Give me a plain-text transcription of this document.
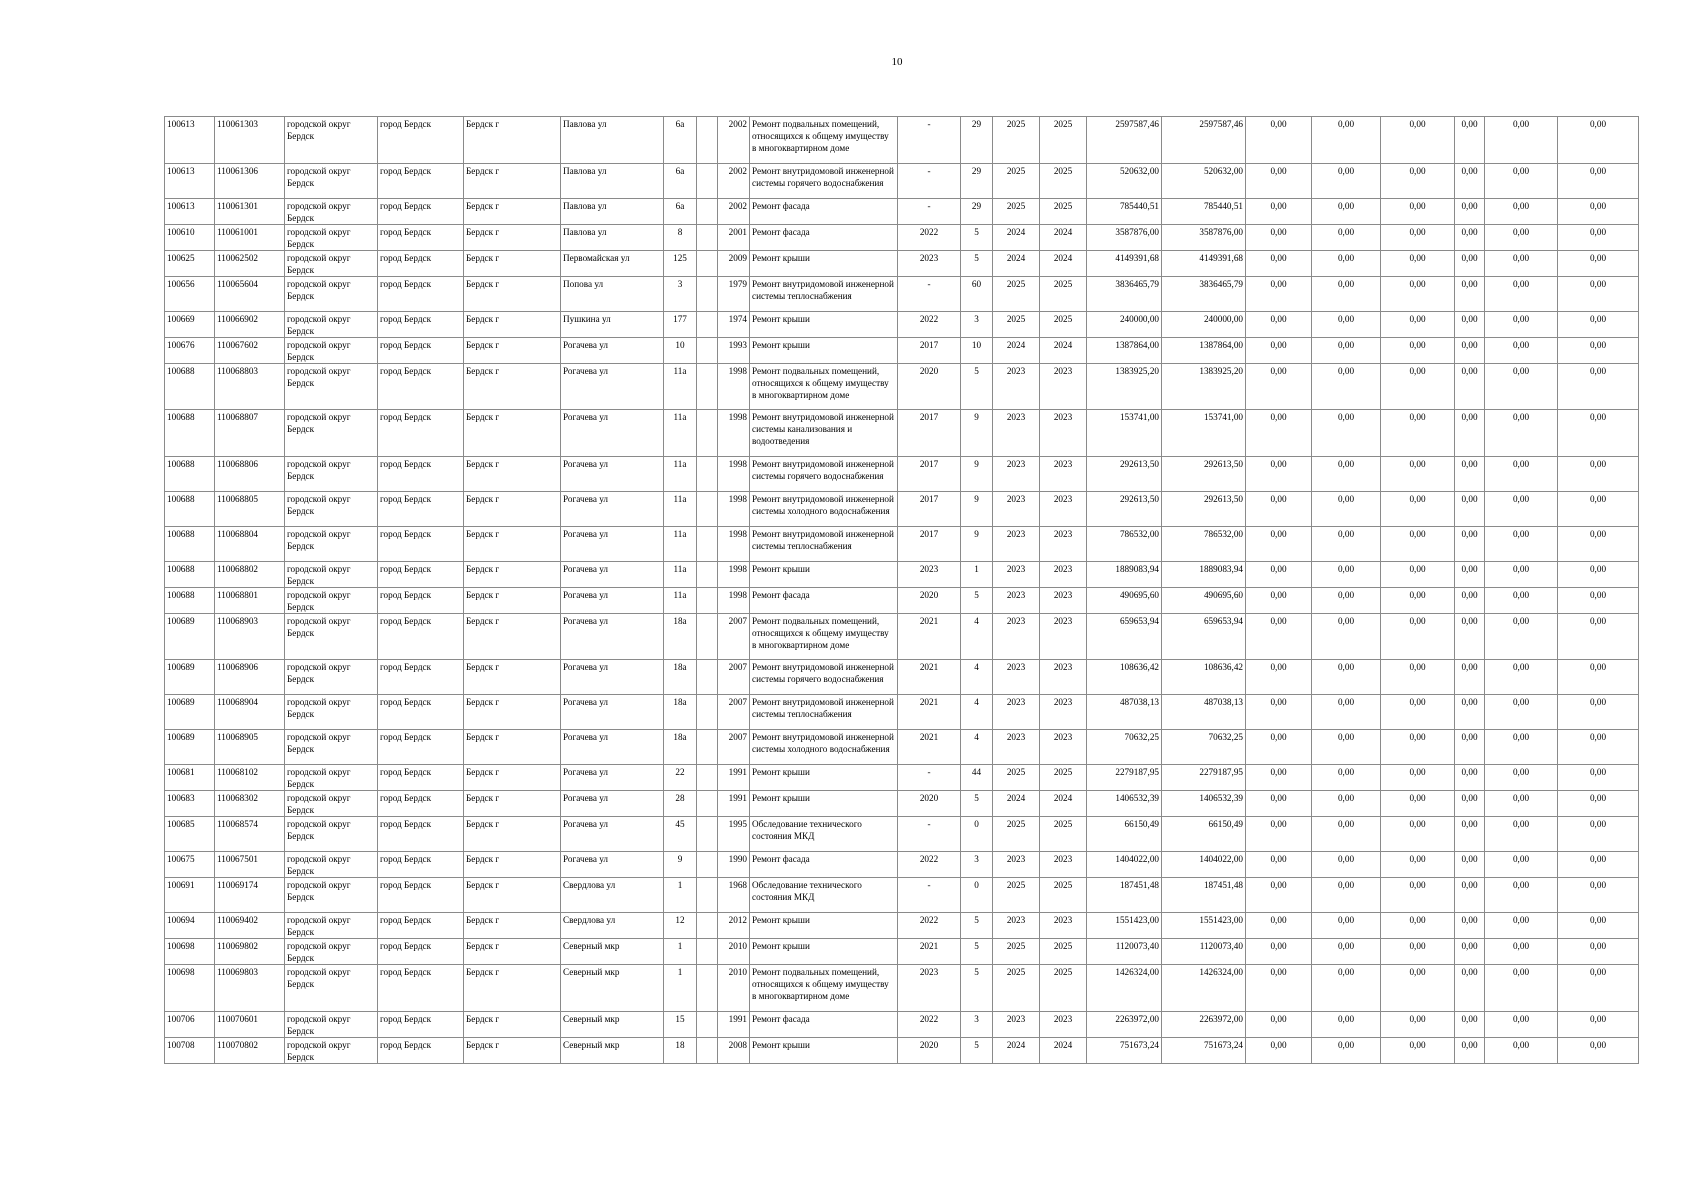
10
100613	110061303	городской округ Бердск	город Бердск	Бердск г	Павлова ул	6а		2002	Ремонт подвальных помещений, относящихся к общему имуществу в многоквартирном доме	-	29	2025	2025	2597587,46	2597587,46	0,00	0,00	0,00	0,00	0,00	0,00
100613	110061306	городской округ Бердск	город Бердск	Бердск г	Павлова ул	6а		2002	Ремонт внутридомовой инженерной системы горячего водоснабжения	-	29	2025	2025	520632,00	520632,00	0,00	0,00	0,00	0,00	0,00	0,00
100613	110061301	городской округ Бердск	город Бердск	Бердск г	Павлова ул	6а		2002	Ремонт фасада	-	29	2025	2025	785440,51	785440,51	0,00	0,00	0,00	0,00	0,00	0,00
100610	110061001	городской округ Бердск	город Бердск	Бердск г	Павлова ул	8		2001	Ремонт фасада	2022	5	2024	2024	3587876,00	3587876,00	0,00	0,00	0,00	0,00	0,00	0,00
100625	110062502	городской округ Бердск	город Бердск	Бердск г	Первомайская ул	125		2009	Ремонт крыши	2023	5	2024	2024	4149391,68	4149391,68	0,00	0,00	0,00	0,00	0,00	0,00
100656	110065604	городской округ Бердск	город Бердск	Бердск г	Попова ул	3		1979	Ремонт внутридомовой инженерной системы теплоснабжения	-	60	2025	2025	3836465,79	3836465,79	0,00	0,00	0,00	0,00	0,00	0,00
100669	110066902	городской округ Бердск	город Бердск	Бердск г	Пушкина ул	177		1974	Ремонт крыши	2022	3	2025	2025	240000,00	240000,00	0,00	0,00	0,00	0,00	0,00	0,00
100676	110067602	городской округ Бердск	город Бердск	Бердск г	Рогачева ул	10		1993	Ремонт крыши	2017	10	2024	2024	1387864,00	1387864,00	0,00	0,00	0,00	0,00	0,00	0,00
100688	110068803	городской округ Бердск	город Бердск	Бердск г	Рогачева ул	11а		1998	Ремонт подвальных помещений, относящихся к общему имуществу в многоквартирном доме	2020	5	2023	2023	1383925,20	1383925,20	0,00	0,00	0,00	0,00	0,00	0,00
100688	110068807	городской округ Бердск	город Бердск	Бердск г	Рогачева ул	11а		1998	Ремонт внутридомовой инженерной системы канализования и водоотведения	2017	9	2023	2023	153741,00	153741,00	0,00	0,00	0,00	0,00	0,00	0,00
100688	110068806	городской округ Бердск	город Бердск	Бердск г	Рогачева ул	11а		1998	Ремонт внутридомовой инженерной системы горячего водоснабжения	2017	9	2023	2023	292613,50	292613,50	0,00	0,00	0,00	0,00	0,00	0,00
100688	110068805	городской округ Бердск	город Бердск	Бердск г	Рогачева ул	11а		1998	Ремонт внутридомовой инженерной системы холодного водоснабжения	2017	9	2023	2023	292613,50	292613,50	0,00	0,00	0,00	0,00	0,00	0,00
100688	110068804	городской округ Бердск	город Бердск	Бердск г	Рогачева ул	11а		1998	Ремонт внутридомовой инженерной системы теплоснабжения	2017	9	2023	2023	786532,00	786532,00	0,00	0,00	0,00	0,00	0,00	0,00
100688	110068802	городской округ Бердск	город Бердск	Бердск г	Рогачева ул	11а		1998	Ремонт крыши	2023	1	2023	2023	1889083,94	1889083,94	0,00	0,00	0,00	0,00	0,00	0,00
100688	110068801	городской округ Бердск	город Бердск	Бердск г	Рогачева ул	11а		1998	Ремонт фасада	2020	5	2023	2023	490695,60	490695,60	0,00	0,00	0,00	0,00	0,00	0,00
100689	110068903	городской округ Бердск	город Бердск	Бердск г	Рогачева ул	18а		2007	Ремонт подвальных помещений, относящихся к общему имуществу в многоквартирном доме	2021	4	2023	2023	659653,94	659653,94	0,00	0,00	0,00	0,00	0,00	0,00
100689	110068906	городской округ Бердск	город Бердск	Бердск г	Рогачева ул	18а		2007	Ремонт внутридомовой инженерной системы горячего водоснабжения	2021	4	2023	2023	108636,42	108636,42	0,00	0,00	0,00	0,00	0,00	0,00
100689	110068904	городской округ Бердск	город Бердск	Бердск г	Рогачева ул	18а		2007	Ремонт внутридомовой инженерной системы теплоснабжения	2021	4	2023	2023	487038,13	487038,13	0,00	0,00	0,00	0,00	0,00	0,00
100689	110068905	городской округ Бердск	город Бердск	Бердск г	Рогачева ул	18а		2007	Ремонт внутридомовой инженерной системы холодного водоснабжения	2021	4	2023	2023	70632,25	70632,25	0,00	0,00	0,00	0,00	0,00	0,00
100681	110068102	городской округ Бердск	город Бердск	Бердск г	Рогачева ул	22		1991	Ремонт крыши	-	44	2025	2025	2279187,95	2279187,95	0,00	0,00	0,00	0,00	0,00	0,00
100683	110068302	городской округ Бердск	город Бердск	Бердск г	Рогачева ул	28		1991	Ремонт крыши	2020	5	2024	2024	1406532,39	1406532,39	0,00	0,00	0,00	0,00	0,00	0,00
100685	110068574	городской округ Бердск	город Бердск	Бердск г	Рогачева ул	45		1995	Обследование технического состояния МКД	-	0	2025	2025	66150,49	66150,49	0,00	0,00	0,00	0,00	0,00	0,00
100675	110067501	городской округ Бердск	город Бердск	Бердск г	Рогачева ул	9		1990	Ремонт фасада	2022	3	2023	2023	1404022,00	1404022,00	0,00	0,00	0,00	0,00	0,00	0,00
100691	110069174	городской округ Бердск	город Бердск	Бердск г	Свердлова ул	1		1968	Обследование технического состояния МКД	-	0	2025	2025	187451,48	187451,48	0,00	0,00	0,00	0,00	0,00	0,00
100694	110069402	городской округ Бердск	город Бердск	Бердск г	Свердлова ул	12		2012	Ремонт крыши	2022	5	2023	2023	1551423,00	1551423,00	0,00	0,00	0,00	0,00	0,00	0,00
100698	110069802	городской округ Бердск	город Бердск	Бердск г	Северный мкр	1		2010	Ремонт крыши	2021	5	2025	2025	1120073,40	1120073,40	0,00	0,00	0,00	0,00	0,00	0,00
100698	110069803	городской округ Бердск	город Бердск	Бердск г	Северный мкр	1		2010	Ремонт подвальных помещений, относящихся к общему имуществу в многоквартирном доме	2023	5	2025	2025	1426324,00	1426324,00	0,00	0,00	0,00	0,00	0,00	0,00
100706	110070601	городской округ Бердск	город Бердск	Бердск г	Северный мкр	15		1991	Ремонт фасада	2022	3	2023	2023	2263972,00	2263972,00	0,00	0,00	0,00	0,00	0,00	0,00
100708	110070802	городской округ Бердск	город Бердск	Бердск г	Северный мкр	18		2008	Ремонт крыши	2020	5	2024	2024	751673,24	751673,24	0,00	0,00	0,00	0,00	0,00	0,00
